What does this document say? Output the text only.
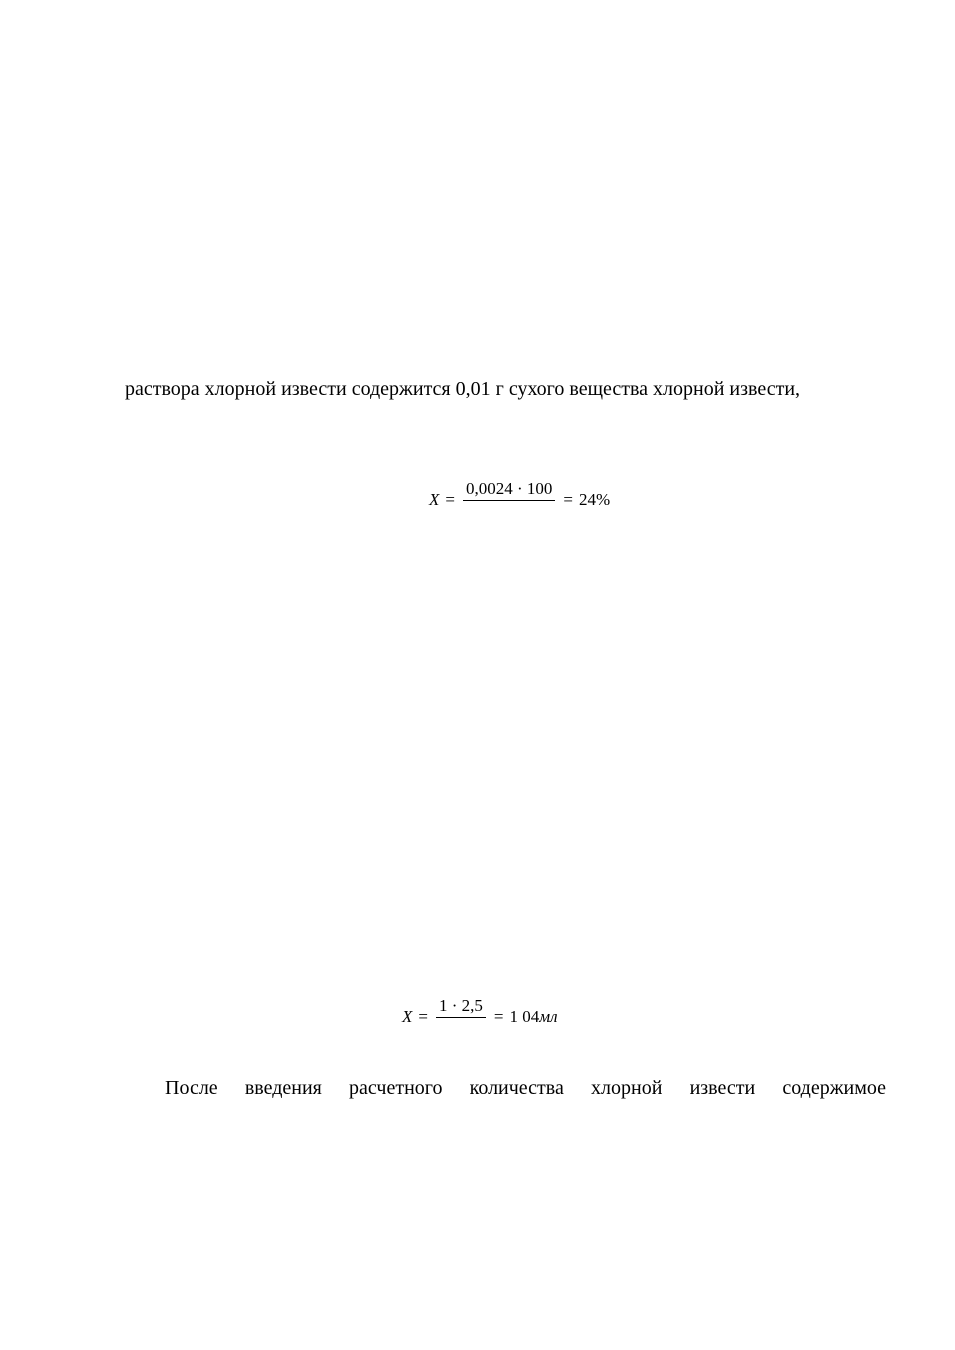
раствора хлорной извести содержится 0,01 г сухого вещества хлорной извести,
X =
0,0024 · 100
= 24%
X =
1 · 2,5
= 1 04 мл
После введения расчетного количества хлорной извести содержимое
